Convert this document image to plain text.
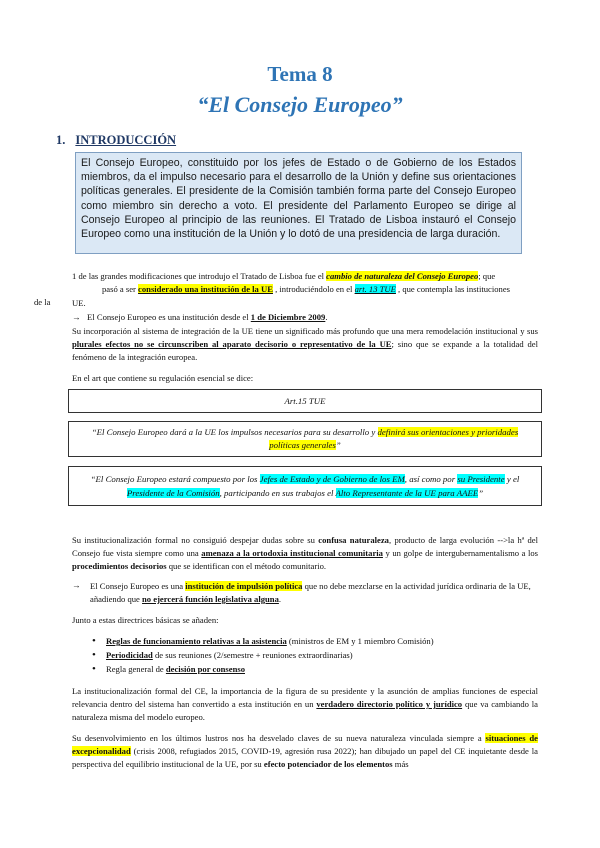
Tema 8
“El Consejo Europeo”
1. INTRODUCCIÓN
El Consejo Europeo, constituido por los jefes de Estado o de Gobierno de los Estados miembros, da el impulso necesario para el desarrollo de la Unión y define sus orientaciones políticas generales. El presidente de la Comisión también forma parte del Consejo Europeo como miembro sin derecho a voto. El presidente del Parlamento Europeo se dirige al Consejo Europeo al principio de las reuniones. El Tratado de Lisboa instauró el Consejo Europeo como una institución de la Unión y lo dotó de una presidencia de larga duración.
1 de las grandes modificaciones que introdujo el Tratado de Lisboa fue el cambio de naturaleza del Consejo Europeo; que
pasó a ser considerado una institución de la UE , introduciéndolo en el art. 13 TUE , que contempla las instituciones
de la	UE.
→ El Consejo Europeo es una institución desde el 1 de Diciembre 2009.
Su incorporación al sistema de integración de la UE tiene un significado más profundo que una mera remodelación institucional y sus plurales efectos no se circunscriben al aparato decisorio o representativo de la UE; sino que se expande a la totalidad del fenómeno de la integración europea.
En el art que contiene su regulación esencial se dice:
Art.15 TUE
“El Consejo Europeo dará a la UE los impulsos necesarios para su desarrollo y definirá sus orientaciones y prioridades políticas generales”
“El Consejo Europeo estará compuesto por los Jefes de Estado y de Gobierno de los EM, así como por su Presidente y el Presidente de la Comisión, participando en sus trabajos el Alto Representante de la UE para AAEE”
Su institucionalización formal no consiguió despejar dudas sobre su confusa naturaleza, producto de larga evolución -->la hª del Consejo fue vista siempre como una amenaza a la ortodoxia institucional comunitaria y un golpe de intergubernamentalismo a los procedimientos decisorios que se identifican con el método comunitario.
→	El Consejo Europeo es una institución de impulsión política que no debe mezclarse en la actividad jurídica ordinaria de la UE, añadiendo que no ejercerá función legislativa alguna.
Junto a estas directrices básicas se añaden:
• Reglas de funcionamiento relativas a la asistencia (ministros de EM y 1 miembro Comisión)
• Periodicidad de sus reuniones (2/semestre + reuniones extraordinarias)
• Regla general de decisión por consenso
La institucionalización formal del CE, la importancia de la figura de su presidente y la asunción de amplias funciones de especial relevancia dentro del sistema han convertido a esta institución en un verdadero directorio político y jurídico que va cambiando la naturaleza misma del modelo europeo.
Su desenvolvimiento en los últimos lustros nos ha desvelado claves de su nueva naturaleza vinculada siempre a situaciones de excepcionalidad (crisis 2008, refugiados 2015, COVID-19, agresión rusa 2022); han dibujado un papel del CE inquietante desde la perspectiva del equilibrio institucional de la UE, por su efecto potenciador de los elementos más
